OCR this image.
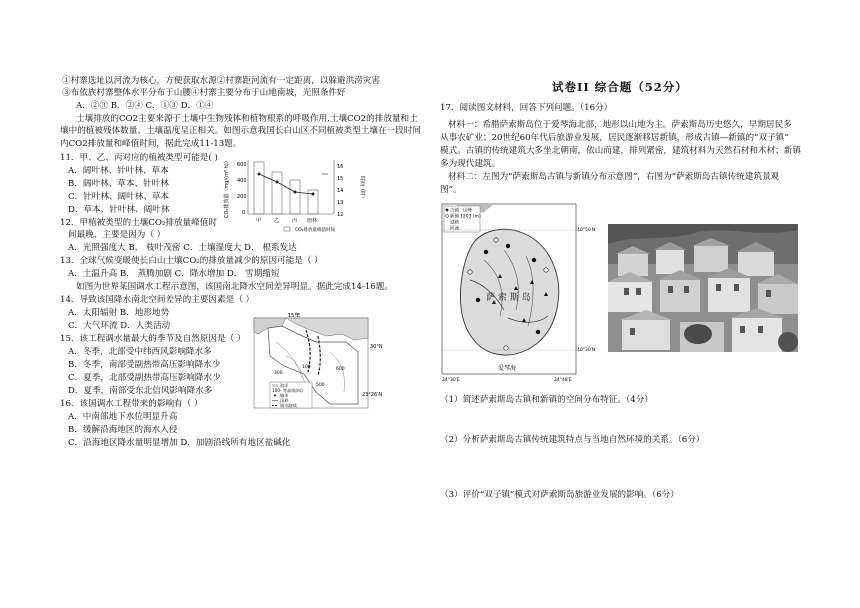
①村寨选址以河流为核心，方便获取水源②村寨距河流有一定距离，以躲避洪涝灾害
③布依族村寨整体水平分布于山腰④村寨主要分布于山地南坡，光照条件好
A．②③ B．②④ C．①③ D．①④
土壤排放的CO2主要来源于土壤中生物残体和植物根系的呼吸作用,土壤CO2的排放量和土
壤中的植被残体数量、土壤温度呈正相关。如图示意我国长白山区不同植被类型土壤在一段时间
内CO2排放量和峰值时间，据此完成11-13题。
11．甲、乙、丙对应的植被类型可能是( )
A．阔叶林、针叶林、草本
B．阔叶林、草本、针叶林
C．针叶林、阔叶林、草本
D．草本、针叶林、阔叶林
12．甲植被类型的土壤CO₂排放量峰值时
间最晚，主要是因为（ ）
A．光照强度大 B． 枝叶茂密 C．土壤湿度大 D． 根系发达
13．全球气候变暖使长白山土壤CO₂的排放量减少的原因可能是（ ）
A．土温升高 B． 蒸腾加剧 C．降水增加 D． 雪期缩短
如图为世界某国调水工程示意图，该国南北降水空间差异明显。据此完成14-16题。
14．导致该国降水南北空间差异的主要因素是（ ）
A．太阳辐射 B．地形地势
C．大气环流 D．人类活动
15．该工程调水量最大的季节及自然原因是（ ）
A．冬季，北部受中纬西风影响降水多
B．冬季，南部受副热带高压影响降水少
C．夏季，北部受副热带高压影响降水少
D．夏季，南部受东北信风影响降水多
16．该国调水工程带来的影响有（ ）
A．中南部地下水位明显升高
B．缓解沿海地区的海水入侵
C．沿海地区降水量明显增加 D．加剧沿线所有地区盐碱化
CO₂排放量（mg/(m²·h)）	时间（时）
600
400
200
0
16
15
14
13
12
甲	乙	丙 雨林
CO₂排放量峰值时间
15°E
30°N
23°26′N
100
300
500
600
海洋
100- 等高线(m)
城市
国界
调水路线
试卷II 综合题（52分）
17．阅读图文材料，回答下列问题。（16分）
材料一：希腊萨索斯岛位于爱琴海北部，地形以山地为主。萨索斯岛历史悠久，早期居民多
从事农矿业；20世纪60年代后旅游业发展，居民逐渐移居新镇，形成古镇—新镇的“双子镇”
模式。古镇的传统建筑大多坐北朝南，依山而建，排列紧密，建筑材料为天然石材和木材；新镇
多为现代建筑。
材料二：左图为“萨索斯岛古镇与新镇分布示意图”，右图为“萨索斯岛古镇传统建筑景观
图”。
古镇 山峰
新镇 1203 (m)
道路
河流
萨 索 斯 岛
40°50′N
40°30′N
24°30′E	24°48′E
爱琴海
（1）简述萨索斯岛古镇和新镇的空间分布特征。（4分）
（2）分析萨索斯岛古镇传统建筑特点与当地自然环境的关系。（6分）
（3）评价“双子镇”模式对萨索斯岛旅游业发展的影响。（6分）
